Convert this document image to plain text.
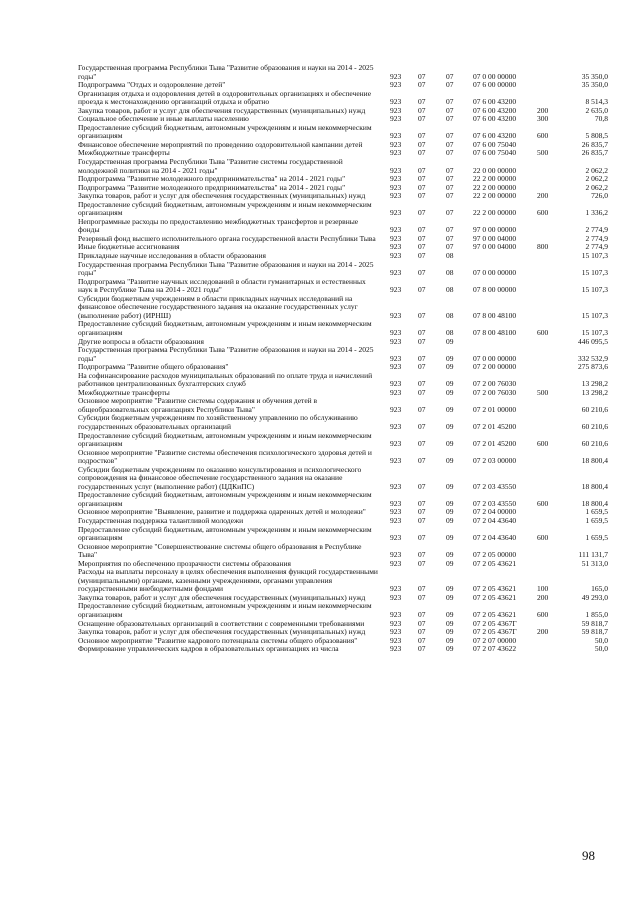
Государственная программа Республики Тыва "Развитие образования и науки на 2014 - 2025 годы"	923	07	07	07 0 00 00000	35 350,0
Подпрограмма "Отдых и оздоровление детей"	923	07	07	07 6 00 00000	35 350,0
Организация отдыха и оздоровления детей в оздоровительных организациях и обеспечение проезда к местонахождению организаций отдыха и обратно	923	07	07	07 6 00 43200	8 514,3
Закупка товаров, работ и услуг для обеспечения государственных (муниципальных) нужд	923	07	07	07 6 00 43200	200	2 635,0
Социальное обеспечение и иные выплаты населению	923	07	07	07 6 00 43200	300	70,8
Предоставление субсидий бюджетным, автономным учреждениям и иным некоммерческим организациям	923	07	07	07 6 00 43200	600	5 808,5
Финансовое обеспечение мероприятий по проведению оздоровительной кампании детей	923	07	07	07 6 00 75040	26 835,7
Межбюджетные трансферты	923	07	07	07 6 00 75040	500	26 835,7
Государственная программа Республики Тыва "Развитие системы государственной молодежной политики на 2014 - 2021 годы"	923	07	07	22 0 00 00000	2 062,2
Подпрограмма "Развитие молодежного предпринимательства" на 2014 - 2021 годы"	923	07	07	22 2 00 00000	2 062,2
Подпрограмма "Развитие молодежного предпринимательства" на 2014 - 2021 годы"	923	07	07	22 2 00 00000	2 062,2
Закупка товаров, работ и услуг для обеспечения государственных (муниципальных) нужд	923	07	07	22 2 00 00000	200	726,0
Предоставление субсидий бюджетным, автономным учреждениям и иным некоммерческим организациям	923	07	07	22 2 00 00000	600	1 336,2
Непрограммные расходы по предоставлению межбюджетных трансфертов и резервные фонды	923	07	07	97 0 00 00000	2 774,9
Резервный фонд высшего исполнительного органа государственной власти Республики Тыва	923	07	07	97 0 00 04000	2 774,9
Иные бюджетные ассигнования	923	07	07	97 0 00 04000	800	2 774,9
Прикладные научные исследования в области образования	923	07	08	15 107,3
Государственная программа Республики Тыва "Развитие образования и науки на 2014 - 2025 годы"	923	07	08	07 0 00 00000	15 107,3
Подпрограмма "Развитие научных исследований в области гуманитарных и естественных наук в Республике Тыва на 2014 - 2021 годы"	923	07	08	07 8 00 00000	15 107,3
Субсидии бюджетным учреждениям в области прикладных научных исследований на финансовое обеспечение государственного задания на оказание государственных услуг (выполнение работ) (ИРНШ)	923	07	08	07 8 00 48100	15 107,3
Предоставление субсидий бюджетным, автономным учреждениям и иным некоммерческим организациям	923	07	08	07 8 00 48100	600	15 107,3
Другие вопросы в области образования	923	07	09	446 095,5
Государственная программа Республики Тыва "Развитие образования и науки на 2014 - 2025 годы"	923	07	09	07 0 00 00000	332 532,9
Подпрограмма "Развитие общего образования"	923	07	09	07 2 00 00000	275 873,6
На софинансирование расходов муниципальных образований по оплате труда и начислений работников централизованных бухгалтерских служб	923	07	09	07 2 00 76030	13 298,2
Межбюджетные трансферты	923	07	09	07 2 00 76030	500	13 298,2
Основное мероприятие "Развитие системы содержания и обучения детей в общеобразовательных организациях Республики Тыва"	923	07	09	07 2 01 00000	60 210,6
Субсидии бюджетным учреждениям по хозяйственному управлению по обслуживанию государственных образовательных организаций	923	07	09	07 2 01 45200	60 210,6
Предоставление субсидий бюджетным, автономным учреждениям и иным некоммерческим организациям	923	07	09	07 2 01 45200	600	60 210,6
Основное мероприятие "Развитие системы обеспечения психологического здоровья детей и подростков"	923	07	09	07 2 03 00000	18 800,4
Субсидии бюджетным учреждениям по оказанию консультирования и психологического сопровождения на финансовое обеспечение государственного задания на оказание государственных услуг (выполнение работ) (ЦДКиПС)	923	07	09	07 2 03 43550	18 800,4
Предоставление субсидий бюджетным, автономным учреждениям и иным некоммерческим организациям	923	07	09	07 2 03 43550	600	18 800,4
Основное мероприятие "Выявление, развитие и поддержка одаренных детей и молодежи"	923	07	09	07 2 04 00000	1 659,5
Государственная поддержка талантливой молодежи	923	07	09	07 2 04 43640	1 659,5
Предоставление субсидий бюджетным, автономным учреждениям и иным некоммерческим организациям	923	07	09	07 2 04 43640	600	1 659,5
Основное мероприятие "Совершенствование системы общего образования в Республике Тыва"	923	07	09	07 2 05 00000	111 131,7
Мероприятия по обеспечению прозрачности системы образования	923	07	09	07 2 05 43621	51 313,0
Расходы на выплаты персоналу в целях обеспечения выполнения функций государственными (муниципальными) органами, казенными учреждениями, органами управления государственными внебюджетными фондами	923	07	09	07 2 05 43621	100	165,0
Закупка товаров, работ и услуг для обеспечения государственных (муниципальных) нужд	923	07	09	07 2 05 43621	200	49 293,0
Предоставление субсидий бюджетным, автономным учреждениям и иным некоммерческим организациям	923	07	09	07 2 05 43621	600	1 855,0
Оснащение образовательных организаций в соответствии с современными требованиями	923	07	09	07 2 05 4367Г	59 818,7
Закупка товаров, работ и услуг для обеспечения государственных (муниципальных) нужд	923	07	09	07 2 05 4367Г	200	59 818,7
Основное мероприятие "Развитие кадрового потенциала системы общего образования"	923	07	09	07 2 07 00000	50,0
Формирование управленческих кадров в образовательных организациях из числа	923	07	09	07 2 07 43622	50,0
98
